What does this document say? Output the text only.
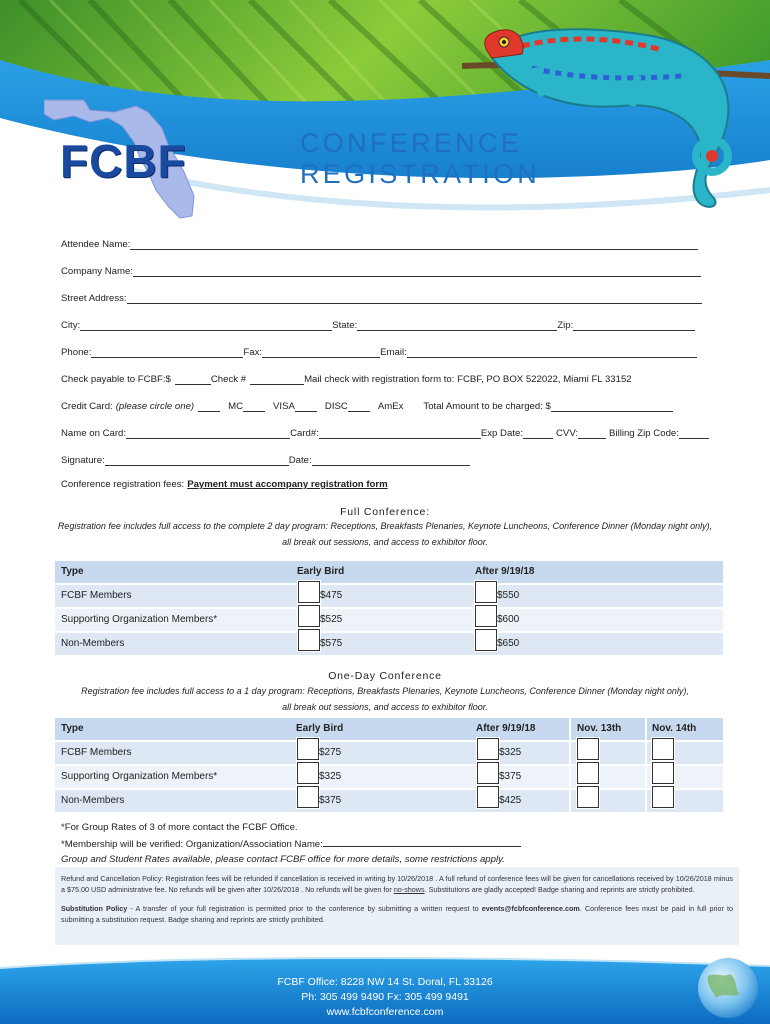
FCBF	CONFERENCE REGISTRATION
Attendee Name:
Company Name:
Street Address:
City:	State:	Zip:
Phone:	Fax:	Email:
Check payable to FCBF:$	Check #	Mail check with registration form to: FCBF, PO BOX 522022, Miami FL 33152
Credit Card: (please circle one)	MC	VISA	DISC	AmEx Total Amount to be charged: $
Name on Card:	Card#:	Exp Date:	CVV:	Billing Zip Code:
Signature:	Date:
Conference registration fees: Payment must accompany registration form
Full Conference:
Registration fee includes full access to the complete 2 day program: Receptions, Breakfasts Plenaries, Keynote Luncheons, Conference Dinner (Monday night only),
all break out sessions, and access to exhibitor floor.
Type	Early Bird	After 9/19/18
FCBF Members	$475	$550
Supporting Organization Members*	$525	$600
Non-Members	$575	$650
One-Day Conference
Registration fee includes full access to a 1 day program: Receptions, Breakfasts Plenaries, Keynote Luncheons, Conference Dinner (Monday night only),
all break out sessions, and access to exhibitor floor.
Type	Early Bird	After 9/19/18	Nov. 13th	Nov. 14th
FCBF Members	$275	$325
Supporting Organization Members*	$325	$375
Non-Members	$375	$425
*For Group Rates of 3 of more contact the FCBF Office.
*Membership will be verified: Organization/Association Name:
Group and Student Rates available, please contact FCBF office for more details, some restrictions apply.

Refund and Cancellation Policy: Registration fees will be refunded if cancellation is received in writing by 10/26/2018 . A full refund of conference fees will be given for cancellations received by 10/26/2018 minus a $75.00 USD administrative fee. No refunds will be given after 10/26/2018 . No refunds will be given for no-shows. Substitutions are gladly accepted! Badge sharing and reprints are strictly prohibited.

Substitution Policy - A transfer of your full registration is permitted prior to the conference by submitting a written request to events@fcbfconference.com. Conference fees must be paid in full prior to submitting a substitution request. Badge sharing and reprints are strictly prohibited.

FCBF Office: 8228 NW 14 St. Doral, FL 33126
Ph: 305 499 9490 Fx: 305 499 9491
www.fcbfconference.com
